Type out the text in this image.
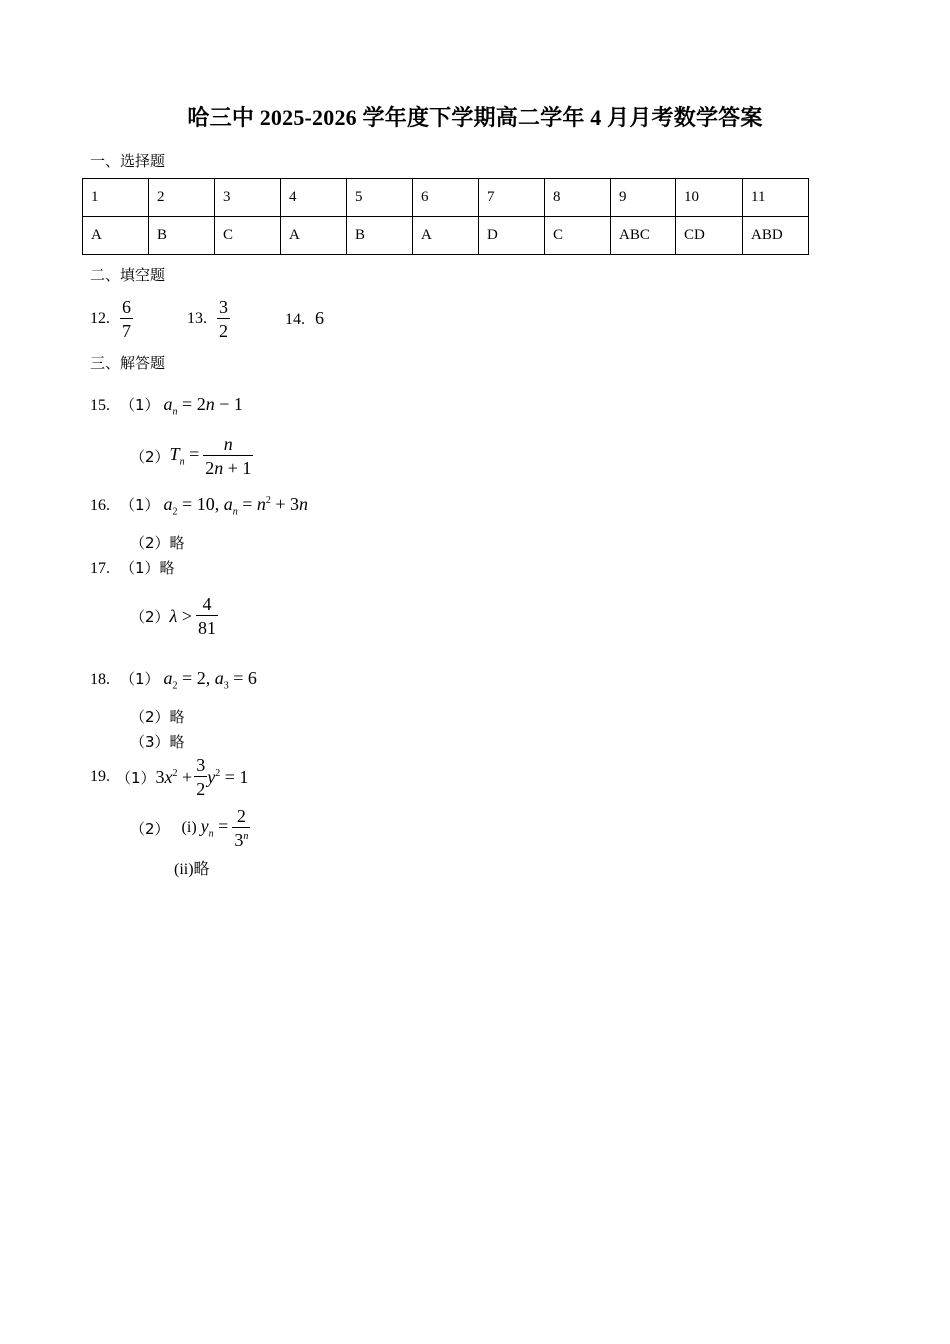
哈三中 2025-2026 学年度下学期高二学年 4 月月考数学答案
一、选择题
1	2	3	4	5	6	7	8	9	10	11
A	B	C	A	B	A	D	C	ABC	CD	ABD
二、填空题
12. $\frac{6}{7}$	13. $\frac{3}{2}$	14. 6
三、解答题
15. （1） $a_n = 2n - 1$
（2） $T_n = \frac{n}{2n + 1}$
16. （1） $a_2 = 10$, $a_n = n^2 + 3n$
（2）略
17. （1）略
（2） $\lambda > \frac{4}{81}$
18. （1） $a_2 = 2$, $a_3 = 6$
（2）略
（3）略
19. （1） $3x^2 + \frac{3}{2} y^2 = 1$
（2） (i) $y_n = \frac{2}{3^n}$
(ii)略
